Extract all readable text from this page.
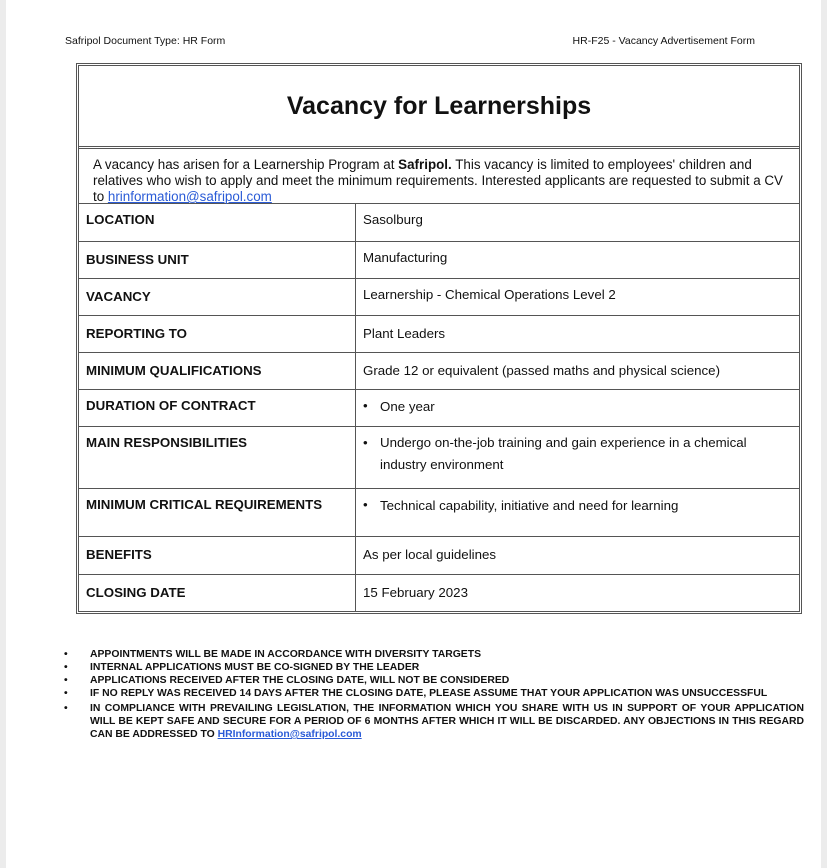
Safripol Document Type: HR Form	HR-F25 - Vacancy Advertisement Form
Vacancy for Learnerships
A vacancy has arisen for a Learnership Program at Safripol. This vacancy is limited to employees' children and relatives who wish to apply and meet the minimum requirements. Interested applicants are requested to submit a CV to hrinformation@safripol.com
LOCATION	Sasolburg
BUSINESS UNIT	Manufacturing
VACANCY	Learnership - Chemical Operations Level 2
REPORTING TO	Plant Leaders
MINIMUM QUALIFICATIONS	Grade 12 or equivalent (passed maths and physical science)
DURATION OF CONTRACT	• One year

MAIN RESPONSIBILITIES	• Undergo on-the-job training and gain experience in a chemical industry environment

MINIMUM CRITICAL REQUIREMENTS	• Technical capability, initiative and need for learning

BENEFITS	As per local guidelines
CLOSING DATE	15 February 2023
•	APPOINTMENTS WILL BE MADE IN ACCORDANCE WITH DIVERSITY TARGETS
•	INTERNAL APPLICATIONS MUST BE CO-SIGNED BY THE LEADER
•	APPLICATIONS RECEIVED AFTER THE CLOSING DATE, WILL NOT BE CONSIDERED
•	IF NO REPLY WAS RECEIVED 14 DAYS AFTER THE CLOSING DATE, PLEASE ASSUME THAT YOUR APPLICATION WAS UNSUCCESSFUL
•	IN COMPLIANCE WITH PREVAILING LEGISLATION, THE INFORMATION WHICH YOU SHARE WITH US IN SUPPORT OF YOUR APPLICATION WILL BE KEPT SAFE AND SECURE FOR A PERIOD OF 6 MONTHS AFTER WHICH IT WILL BE DISCARDED. ANY OBJECTIONS IN THIS REGARD CAN BE ADDRESSED TO HRInformation@safripol.com
